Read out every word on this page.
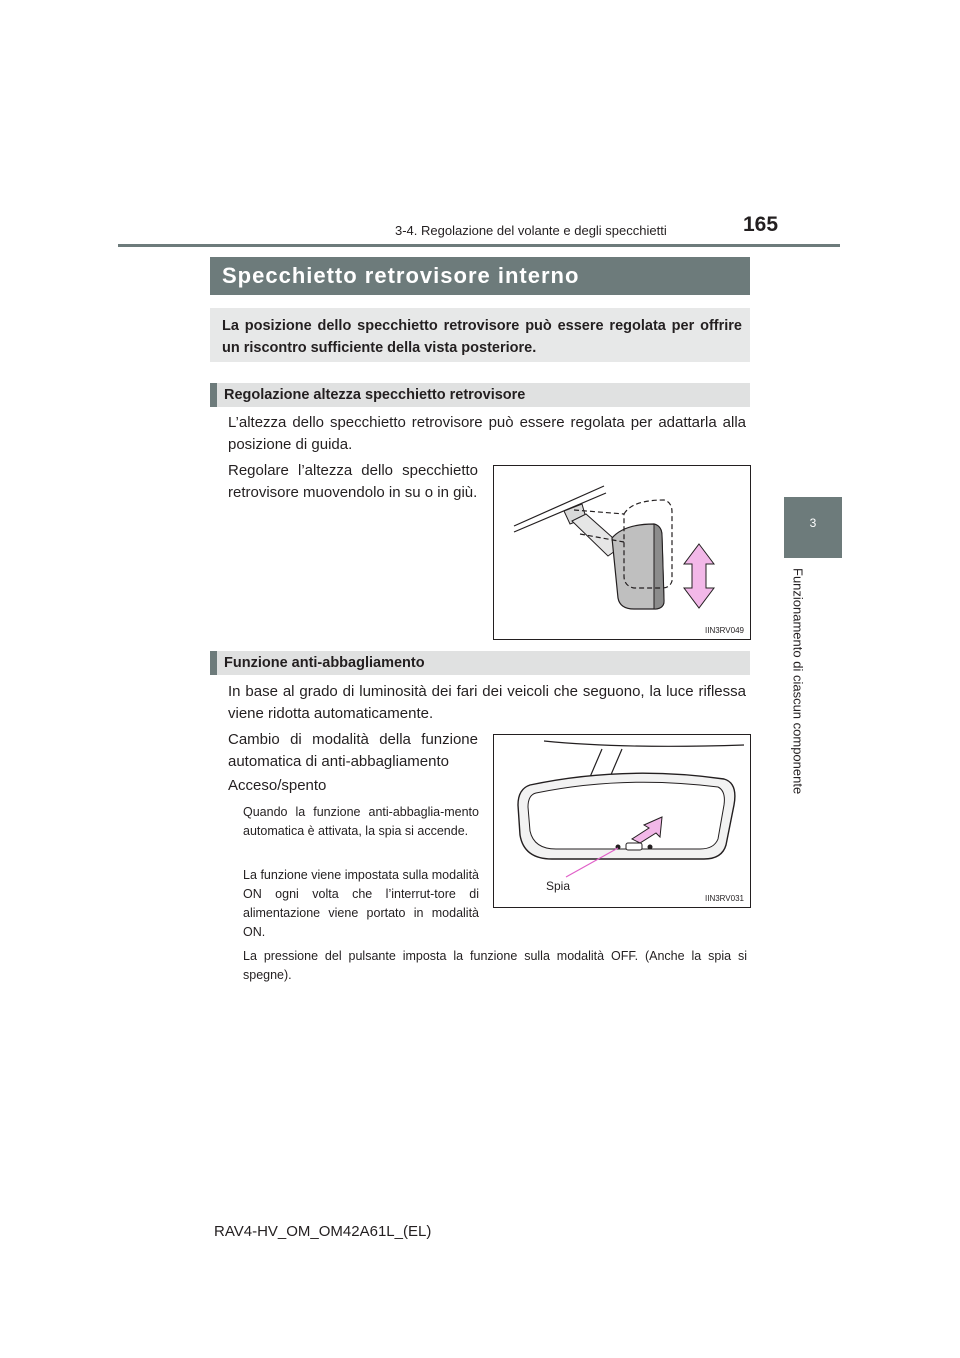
3-4. Regolazione del volante e degli specchietti	165
3
Funzionamento di ciascun componente
Specchietto retrovisore interno
La posizione dello specchietto retrovisore può essere regolata per offrire un riscontro sufficiente della vista posteriore.
Regolazione altezza specchietto retrovisore
L’altezza dello specchietto retrovisore può essere regolata per adattarla alla posizione di guida.
Regolare l’altezza dello specchietto retrovisore muovendolo in su o in giù.
IIN3RV049
Funzione anti-abbagliamento
In base al grado di luminosità dei fari dei veicoli che seguono, la luce riflessa viene ridotta automaticamente.
Cambio di modalità della funzione automatica di anti-abbagliamento
Acceso/spento
Quando la funzione anti-abbaglia-mento automatica è attivata, la spia si accende.
La funzione viene impostata sulla modalità ON ogni volta che l’interrut-tore di alimentazione viene portato in modalità ON.
La pressione del pulsante imposta la funzione sulla modalità OFF. (Anche la spia si spegne).
Spia
IIN3RV031
RAV4-HV_OM_OM42A61L_(EL)
